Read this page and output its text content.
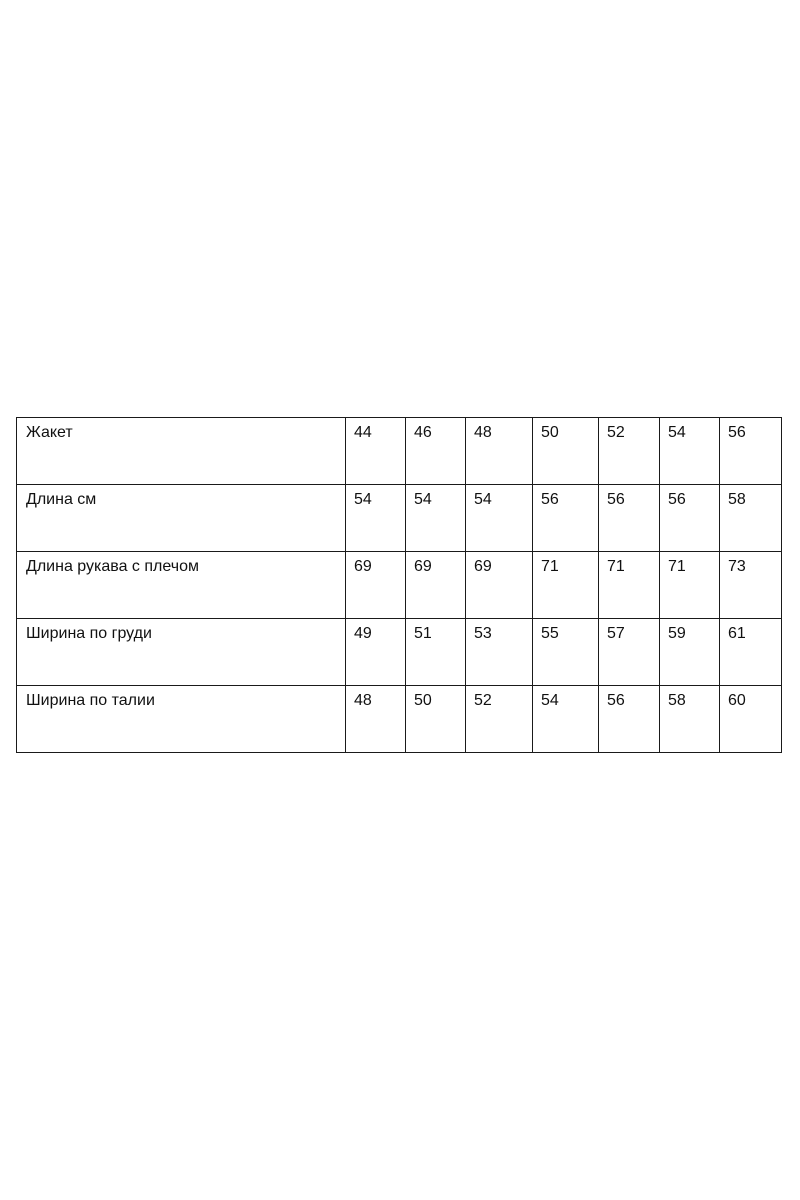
Жакет	44	46	48	50	52	54	56
Длина см	54	54	54	56	56	56	58
Длина рукава с плечом	69	69	69	71	71	71	73
Ширина по груди	49	51	53	55	57	59	61
Ширина по талии	48	50	52	54	56	58	60
